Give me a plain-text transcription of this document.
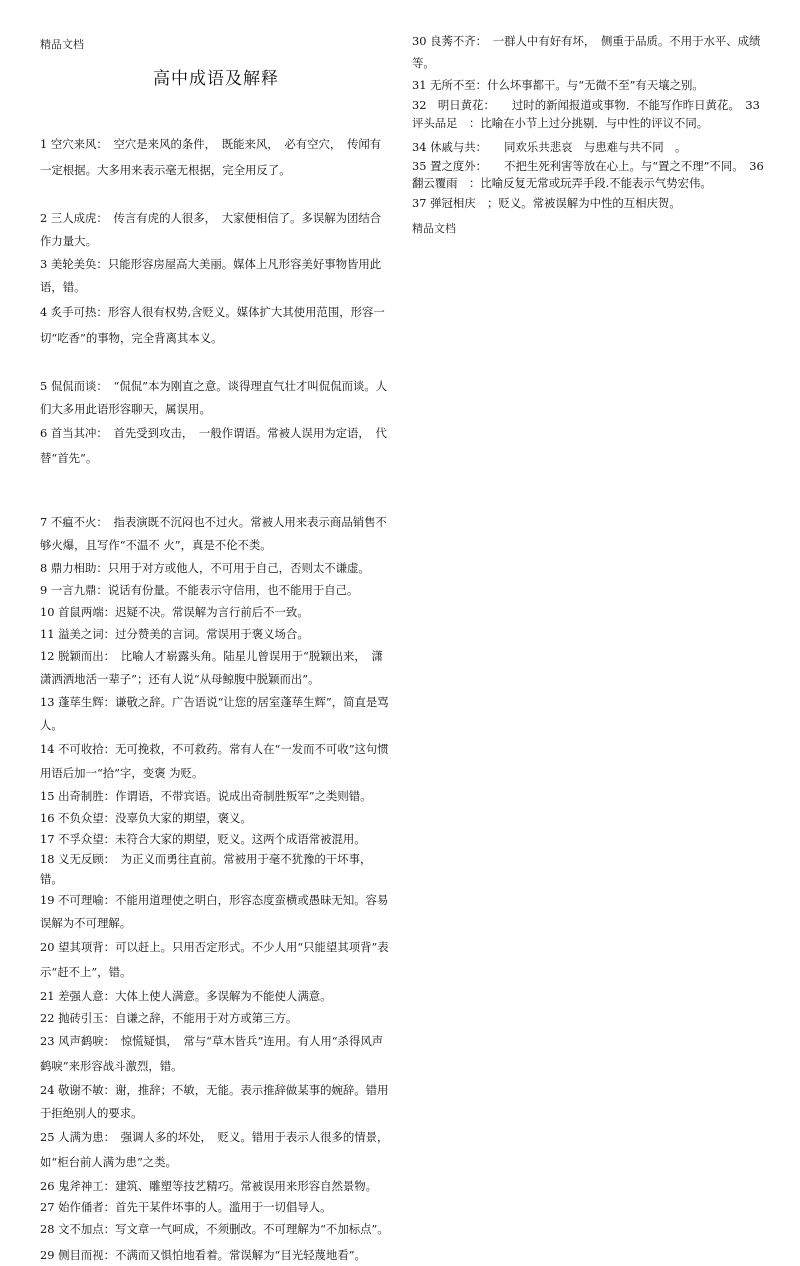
精品文档
高中成语及解释

1 空穴来风：　空穴是来风的条件，　既能来风，　必有空穴，　传闻有一定根据。大多用来表示毫无根据，完全用反了。

2 三人成虎：　传言有虎的人很多，　大家便相信了。多误解为团结合作力量大。

3 美轮美奂：只能形容房屋高大美丽。媒体上凡形容美好事物皆用此语，错。

4 炙手可热：形容人很有权势,含贬义。媒体扩大其使用范围，形容一切“吃香”的事物，完全背离其本义。

5 侃侃而谈：　“侃侃”本为刚直之意。谈得理直气壮才叫侃侃而谈。人们大多用此语形容聊天，属误用。

6 首当其冲：　首先受到攻击，　一般作谓语。常被人误用为定语，　代替“首先”。

7 不瘟不火：　指表演既不沉闷也不过火。常被人用来表示商品销售不够火爆，且写作“不温不 火”，真是不伦不类。

8 鼎力相助：只用于对方或他人，不可用于自己，否则太不谦虚。

9 一言九鼎：说话有份量。不能表示守信用，也不能用于自己。

10 首鼠两端：迟疑不决。常误解为言行前后不一致。

11 溢美之词：过分赞美的言词。常误用于褒义场合。

12 脱颖而出：　比喻人才崭露头角。陆星儿曾误用于“脱颖出来，　潇潇洒洒地活一辈子”；还有人说“从母鲸腹中脱颖而出”。

13 蓬荜生辉：谦敬之辞。广告语说“让您的居室蓬荜生辉”，简直是骂人。

14 不可收拾：无可挽救，不可救药。常有人在“一发而不可收”这句惯用语后加一“拾”字，变褒 为贬。

15 出奇制胜：作谓语，不带宾语。说成出奇制胜叛军”之类则错。

16 不负众望：没辜负大家的期望，褒义。

17 不孚众望：未符合大家的期望，贬义。这两个成语常被混用。

18 义无反顾：　为正义而勇往直前。常被用于毫不犹豫的干坏事，　错。

19 不可理喻：不能用道理使之明白，形容态度蛮横或愚昧无知。容易误解为不可理解。

20 望其项背：可以赶上。只用否定形式。不少人用“只能望其项背”表示“赶不上”，错。

21 差强人意：大体上使人满意。多误解为不能使人满意。

22 抛砖引玉：自谦之辞，不能用于对方或第三方。

23 风声鹤唳：　惊慌疑惧，　常与“草木皆兵”连用。有人用“杀得风声鹤唳”来形容战斗激烈，错。

24 敬谢不敏：谢，推辞；不敏，无能。表示推辞做某事的婉辞。错用于拒绝别人的要求。

25 人满为患：　强调人多的坏处，　贬义。错用于表示人很多的情景，　如“柜台前人满为患”之类。

26 鬼斧神工：建筑、雕塑等技艺精巧。常被误用来形容自然景物。

27 始作俑者：首先干某件坏事的人。滥用于一切倡导人。

28 文不加点：写文章一气呵成，不须删改。不可理解为“不加标点”。

29 侧目而视：不满而又惧怕地看着。常误解为“目光轻蔑地看”。

30 良莠不齐：　一群人中有好有坏，　侧重于品质。不用于水平、成绩等。

31 无所不至：什么坏事都干。与“无微不至”有天壤之别。

32　明日黄花：　　过时的新闻报道或事物．不能写作昨日黄花。　33　评头品足　：比喻在小节上过分挑剔．与中性的评议不同。

34 休戚与共：　　同欢乐共悲哀　与患难与共不同　。

35 置之度外：　　不把生死利害等放在心上。与“置之不理”不同。　36　翻云覆雨　：比喻反复无常或玩弄手段.不能表示气势宏伟。

37 弹冠相庆　；贬义。常被误解为中性的互相庆贺。

精品文档
